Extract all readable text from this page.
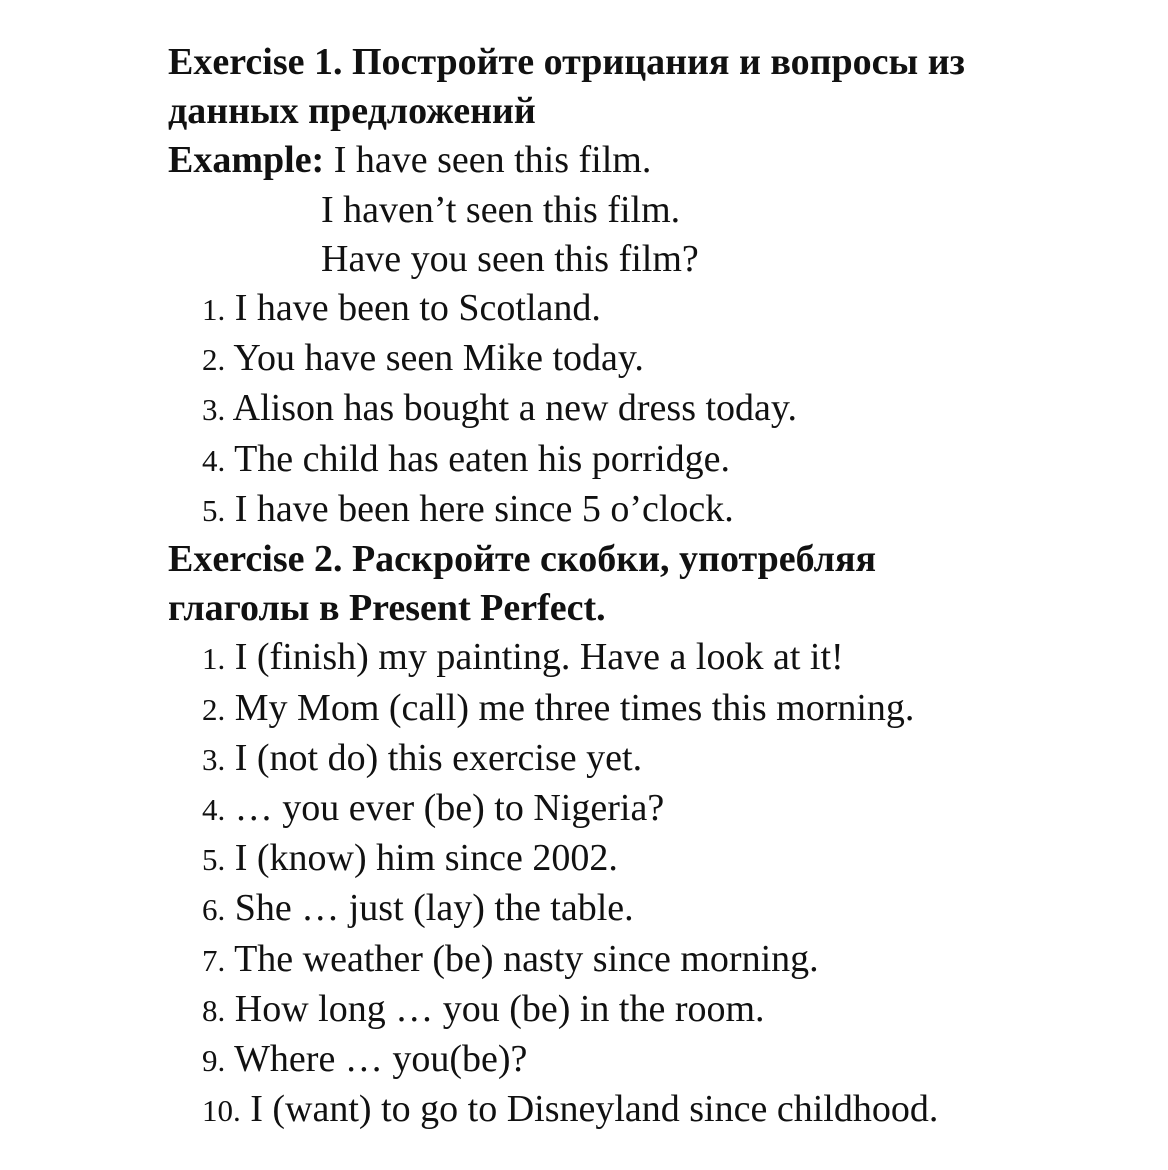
Exercise 1. Постройте отрицания и вопросы из

данных предложений

Example: I have seen this film.

I haven’t seen this film.

Have you seen this film?

1. I have been to Scotland.
2. You have seen Mike today.
3. Alison has bought a new dress today.
4. The child has eaten his porridge.
5. I have been here since 5 o’clock.

Exercise 2. Раскройте скобки, употребляя

глаголы в Present Perfect.

1. I (finish) my painting. Have a look at it!
2. My Mom (call) me three times this morning.
3. I (not do) this exercise yet.
4. … you ever (be) to Nigeria?
5. I (know) him since 2002.
6. She … just (lay) the table.
7. The weather (be) nasty since morning.
8. How long … you (be) in the room.
9. Where … you(be)?
10. I (want) to go to Disneyland since childhood.
